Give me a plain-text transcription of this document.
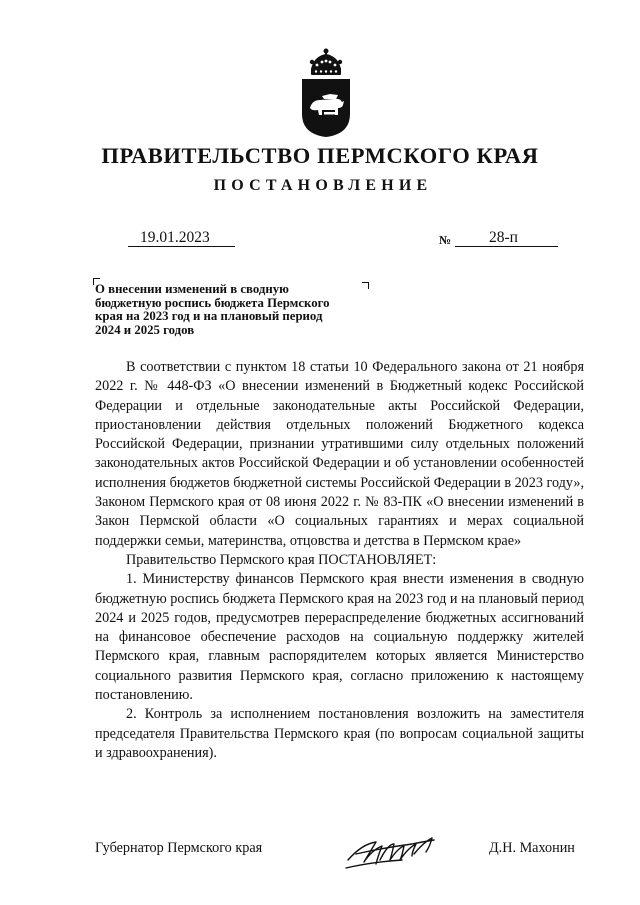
ПРАВИТЕЛЬСТВО ПЕРМСКОГО КРАЯ
ПОСТАНОВЛЕНИЕ
19.01.2023	№	28-п
О внесении изменений в сводную
бюджетную роспись бюджета Пермского
края на 2023 год и на плановый период
2024 и 2025 годов

В соответствии с пунктом 18 статьи 10 Федерального закона от 21 ноября 2022 г. № 448-ФЗ «О внесении изменений в Бюджетный кодекс Российской Федерации и отдельные законодательные акты Российской Федерации, приостановлении действия отдельных положений Бюджетного кодекса Российской Федерации, признании утратившими силу отдельных положений законодательных актов Российской Федерации и об установлении особенностей исполнения бюджетов бюджетной системы Российской Федерации в 2023 году», Законом Пермского края от 08 июня 2022 г. № 83-ПК «О внесении изменений в Закон Пермской области «О социальных гарантиях и мерах социальной поддержки семьи, материнства, отцовства и детства в Пермском крае»

Правительство Пермского края ПОСТАНОВЛЯЕТ:

1. Министерству финансов Пермского края внести изменения в сводную бюджетную роспись бюджета Пермского края на 2023 год и на плановый период 2024 и 2025 годов, предусмотрев перераспределение бюджетных ассигнований на финансовое обеспечение расходов на социальную поддержку жителей Пермского края, главным распорядителем которых является Министерство социального развития Пермского края, согласно приложению к настоящему постановлению.

2. Контроль за исполнением постановления возложить на заместителя председателя Правительства Пермского края (по вопросам социальной защиты и здравоохранения).

Губернатор Пермского края	Д.Н. Махонин
